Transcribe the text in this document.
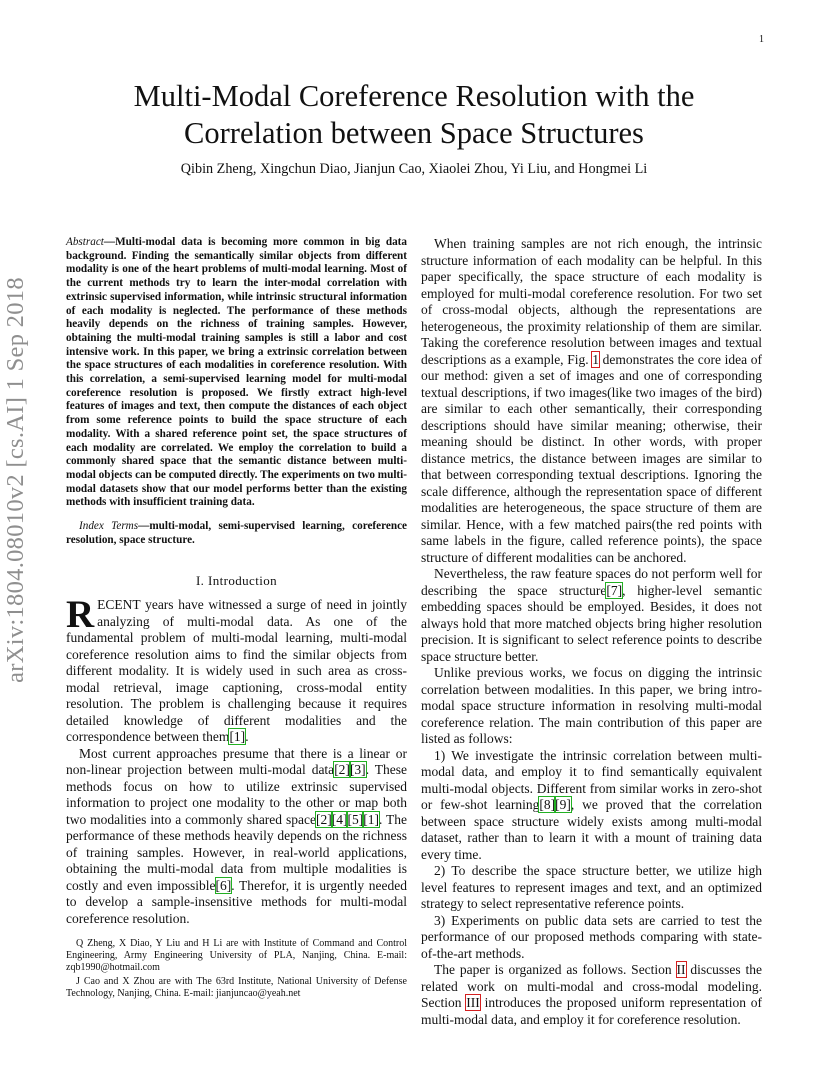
1
arXiv:1804.08010v2 [cs.AI] 1 Sep 2018
Multi-Modal Coreference Resolution with the
Correlation between Space Structures
Qibin Zheng, Xingchun Diao, Jianjun Cao, Xiaolei Zhou, Yi Liu, and Hongmei Li

Abstract—Multi-modal data is becoming more common in big data background. Finding the semantically similar objects from different modality is one of the heart problems of multi-modal learning. Most of the current methods try to learn the inter-modal correlation with extrinsic supervised information, while intrinsic structural information of each modality is neglected. The performance of these methods heavily depends on the richness of training samples. However, obtaining the multi-modal training samples is still a labor and cost intensive work. In this paper, we bring a extrinsic correlation between the space structures of each modalities in coreference resolution. With this correlation, a semi-supervised learning model for multi-modal coreference resolution is proposed. We firstly extract high-level features of images and text, then compute the distances of each object from some reference points to build the space structure of each modality. With a shared reference point set, the space structures of each modality are correlated. We employ the correlation to build a commonly shared space that the semantic distance between multi-modal objects can be computed directly. The experiments on two multi-modal datasets show that our model performs better than the existing methods with insufficient training data.

Index Terms—multi-modal, semi-supervised learning, coreference resolution, space structure.

I. Introduction

RECENT years have witnessed a surge of need in jointly analyzing of multi-modal data. As one of the fundamental problem of multi-modal learning, multi-modal coreference resolution aims to find the similar objects from different modality. It is widely used in such area as cross-modal retrieval, image captioning, cross-modal entity resolution. The problem is challenging because it requires detailed knowledge of different modalities and the correspondence between them[1].

Most current approaches presume that there is a linear or non-linear projection between multi-modal data[2][3]. These methods focus on how to utilize extrinsic supervised information to project one modality to the other or map both two modalities into a commonly shared space[2][4][5][1]. The performance of these methods heavily depends on the richness of training samples. However, in real-world applications, obtaining the multi-modal data from multiple modalities is costly and even impossible[6]. Therefor, it is urgently needed to develop a sample-insensitive methods for multi-modal coreference resolution.

Q Zheng, X Diao, Y Liu and H Li are with Institute of Command and Control Engineering, Army Engineering University of PLA, Nanjing, China. E-mail: zqb1990@hotmail.com

J Cao and X Zhou are with The 63rd Institute, National University of Defense Technology, Nanjing, China. E-mail: jianjuncao@yeah.net

When training samples are not rich enough, the intrinsic structure information of each modality can be helpful. In this paper specifically, the space structure of each modality is employed for multi-modal coreference resolution. For two set of cross-modal objects, although the representations are heterogeneous, the proximity relationship of them are similar. Taking the coreference resolution between images and textual descriptions as a example, Fig. 1 demonstrates the core idea of our method: given a set of images and one of corresponding textual descriptions, if two images(like two images of the bird) are similar to each other semantically, their corresponding descriptions should have similar meaning; otherwise, their meaning should be distinct. In other words, with proper distance metrics, the distance between images are similar to that between corresponding textual descriptions. Ignoring the scale difference, although the representation space of different modalities are heterogeneous, the space structure of them are similar. Hence, with a few matched pairs(the red points with same labels in the figure, called reference points), the space structure of different modalities can be anchored.

Nevertheless, the raw feature spaces do not perform well for describing the space structure[7], higher-level semantic embedding spaces should be employed. Besides, it does not always hold that more matched objects bring higher resolution precision. It is significant to select reference points to describe space structure better.

Unlike previous works, we focus on digging the intrinsic correlation between modalities. In this paper, we bring intro-modal space structure information in resolving multi-modal coreference relation. The main contribution of this paper are listed as follows:

1) We investigate the intrinsic correlation between multi-modal data, and employ it to find semantically equivalent multi-modal objects. Different from similar works in zero-shot or few-shot learning[8][9], we proved that the correlation between space structure widely exists among multi-modal dataset, rather than to learn it with a mount of training data every time.

2) To describe the space structure better, we utilize high level features to represent images and text, and an optimized strategy to select representative reference points.

3) Experiments on public data sets are carried to test the performance of our proposed methods comparing with state-of-the-art methods.

The paper is organized as follows. Section II discusses the related work on multi-modal and cross-modal modeling. Section III introduces the proposed uniform representation of multi-modal data, and employ it for coreference resolution.
